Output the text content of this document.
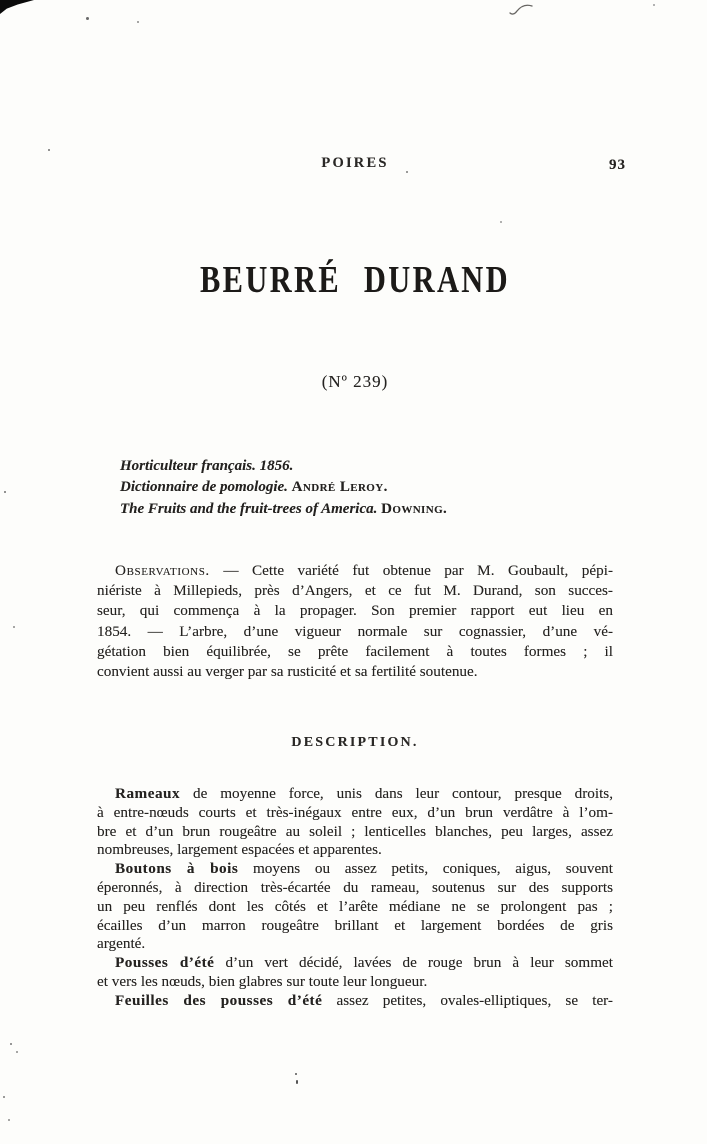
POIRES	93
BEURRÉ DURAND
(Nº 239)
Horticulteur français. 1856.
Dictionnaire de pomologie. André Leroy.
The Fruits and the fruit-trees of America. Downing.
Observations. — Cette variété fut obtenue par M. Goubault, pépi-
niériste à Millepieds, près d’Angers, et ce fut M. Durand, son succes-
seur, qui commença à la propager. Son premier rapport eut lieu en
1854. — L’arbre, d’une vigueur normale sur cognassier, d’une vé-
gétation bien équilibrée, se prête facilement à toutes formes ; il
convient aussi au verger par sa rusticité et sa fertilité soutenue.
DESCRIPTION.
Rameaux de moyenne force, unis dans leur contour, presque droits,
à entre-nœuds courts et très-inégaux entre eux, d’un brun verdâtre à l’om-
bre et d’un brun rougeâtre au soleil ; lenticelles blanches, peu larges, assez
nombreuses, largement espacées et apparentes.
Boutons à bois moyens ou assez petits, coniques, aigus, souvent
éperonnés, à direction très-écartée du rameau, soutenus sur des supports
un peu renflés dont les côtés et l’arête médiane ne se prolongent pas ;
écailles d’un marron rougeâtre brillant et largement bordées de gris
argenté.
Pousses d’été d’un vert décidé, lavées de rouge brun à leur sommet
et vers les nœuds, bien glabres sur toute leur longueur.
Feuilles des pousses d’été assez petites, ovales-elliptiques, se ter-
